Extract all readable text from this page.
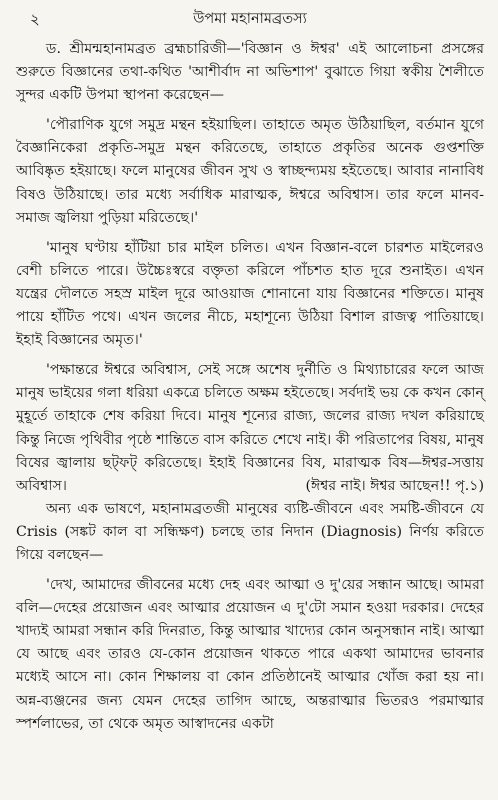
২	উপমা মহানামব্রতস্য

ড. শ্রীমন্মহানামব্রত ব্রহ্মচারিজী—'বিজ্ঞান ও ঈশ্বর' এই আলোচনা প্রসঙ্গের শুরুতে বিজ্ঞানের তথা-কথিত 'আশীর্বাদ না অভিশাপ' বুঝাতে গিয়া স্বকীয় শৈলীতে সুন্দর একটি উপমা স্থাপনা করেছেন—

'পৌরাণিক যুগে সমুদ্র মন্থন হইয়াছিল। তাহাতে অমৃত উঠিয়াছিল, বর্তমান যুগে বৈজ্ঞানিকেরা প্রকৃতি-সমুদ্র মন্থন করিতেছে, তাহাতে প্রকৃতির অনেক গুপ্তশক্তি আবিষ্কৃত হইয়াছে। ফলে মানুষের জীবন সুখ ও স্বাচ্ছন্দ্যময় হইতেছে। আবার নানাবিধ বিষও উঠিয়াছে। তার মধ্যে সর্বাধিক মারাত্মক, ঈশ্বরে অবিশ্বাস। তার ফলে মানব-সমাজ জ্বলিয়া পুড়িয়া মরিতেছে।'

'মানুষ ঘণ্টায় হাঁটিয়া চার মাইল চলিত। এখন বিজ্ঞান-বলে চারশত মাইলেরও বেশী চলিতে পারে। উচ্চৈঃস্বরে বক্তৃতা করিলে পাঁচশত হাত দূরে শুনাইত। এখন যন্ত্রের দৌলতে সহস্র মাইল দূরে আওয়াজ শোনানো যায় বিজ্ঞানের শক্তিতে। মানুষ পায়ে হাঁটিত পথে। এখন জলের নীচে, মহাশূন্যে উঠিয়া বিশাল রাজত্ব পাতিয়াছে। ইহাই বিজ্ঞানের অমৃত।'

'পক্ষান্তরে ঈশ্বরে অবিশ্বাস, সেই সঙ্গে অশেষ দুর্নীতি ও মিথ্যাচারের ফলে আজ মানুষ ভাইয়ের গলা ধরিয়া একত্রে চলিতে অক্ষম হইতেছে। সর্বদাই ভয় কে কখন কোন্ মুহূর্তে তাহাকে শেষ করিয়া দিবে। মানুষ শূন্যের রাজ্য, জলের রাজ্য দখল করিয়াছে কিন্তু নিজে পৃথিবীর পৃষ্ঠে শান্তিতে বাস করিতে শেখে নাই। কী পরিতাপের বিষয়, মানুষ বিষের জ্বালায় ছট্ফট্ করিতেছে। ইহাই বিজ্ঞানের বিষ, মারাত্মক বিষ—ঈশ্বর-সত্তায় অবিশ্বাস।	(ঈশ্বর নাই। ঈশ্বর আছেন!! পৃ.১)

অন্য এক ভাষণে, মহানামব্রতজী মানুষের ব্যষ্টি-জীবনে এবং সমষ্টি-জীবনে যে Crisis (সঙ্কট কাল বা সন্ধিক্ষণ) চলছে তার নিদান (Diagnosis) নির্ণয় করিতে গিয়ে বলছেন—

'দেখ, আমাদের জীবনের মধ্যে দেহ এবং আত্মা ও দু'য়ের সন্ধান আছে। আমরা বলি—দেহের প্রয়োজন এবং আত্মার প্রয়োজন এ দু'টো সমান হওয়া দরকার। দেহের খাদ্যই আমরা সন্ধান করি দিনরাত, কিন্তু আত্মার খাদ্যের কোন অনুসন্ধান নাই। আত্মা যে আছে এবং তারও যে-কোন প্রয়োজন থাকতে পারে একথা আমাদের ভাবনার মধ্যেই আসে না। কোন শিক্ষালয় বা কোন প্রতিষ্ঠানেই আত্মার খোঁজ করা হয় না। অন্ন-ব্যঞ্জনের জন্য যেমন দেহের তাগিদ আছে, অন্তরাত্মার ভিতরও পরমাত্মার স্পর্শলাভের, তা থেকে অমৃত আস্বাদনের একটা
